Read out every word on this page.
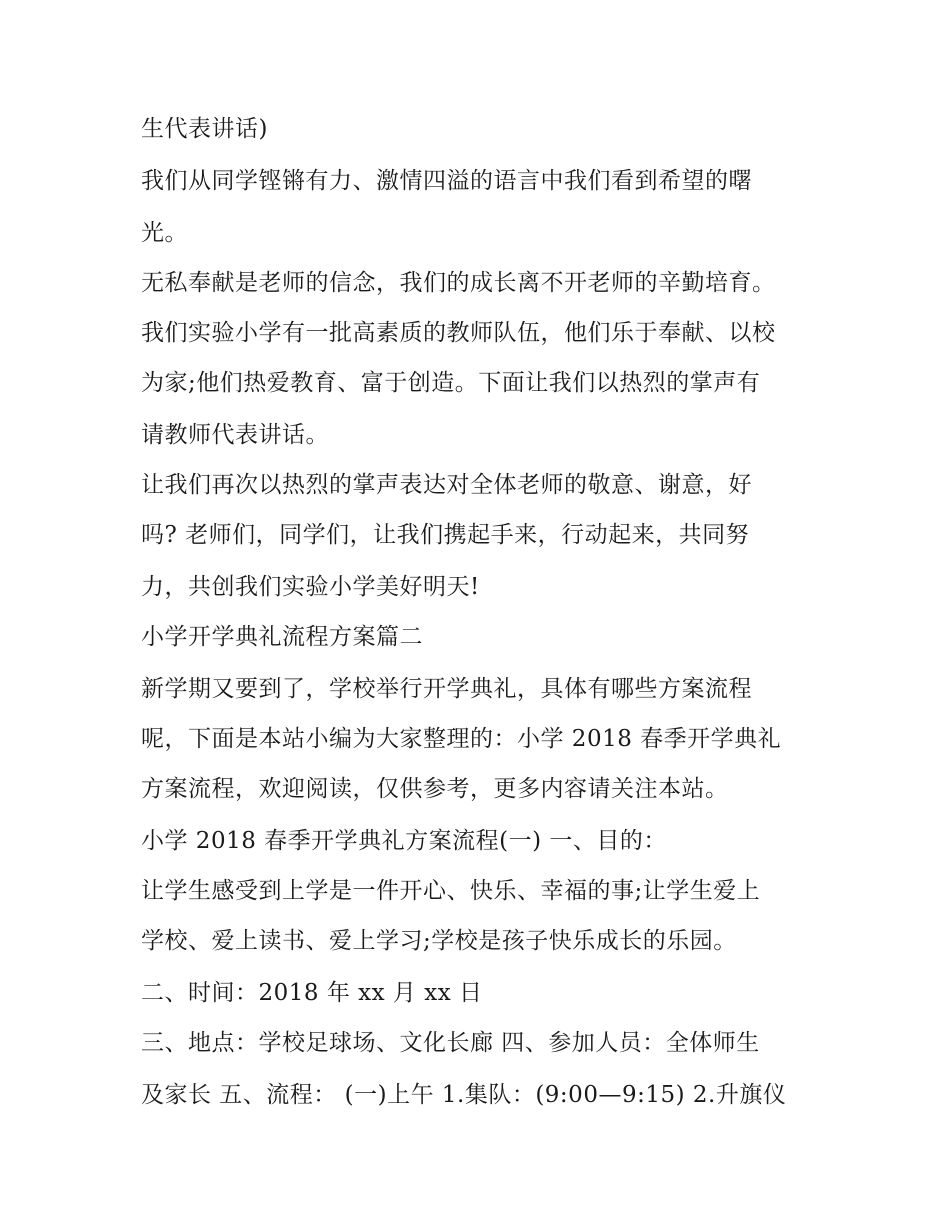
生代表讲话)
我们从同学铿锵有力、激情四溢的语言中我们看到希望的曙
光。
无私奉献是老师的信念，我们的成长离不开老师的辛勤培育。
我们实验小学有一批高素质的教师队伍，他们乐于奉献、以校
为家;他们热爱教育、富于创造。下面让我们以热烈的掌声有
请教师代表讲话。
让我们再次以热烈的掌声表达对全体老师的敬意、谢意，好
吗? 老师们，同学们，让我们携起手来，行动起来，共同努
力，共创我们实验小学美好明天!
小学开学典礼流程方案篇二
新学期又要到了，学校举行开学典礼，具体有哪些方案流程
呢，下面是本站小编为大家整理的：小学 2018 春季开学典礼
方案流程，欢迎阅读，仅供参考，更多内容请关注本站。
小学 2018 春季开学典礼方案流程(一) 一、目的：
让学生感受到上学是一件开心、快乐、幸福的事;让学生爱上
学校、爱上读书、爱上学习;学校是孩子快乐成长的乐园。
二、时间：2018 年 xx 月 xx 日
三、地点：学校足球场、文化长廊 四、参加人员：全体师生
及家长 五、流程： (一)上午 1.集队：(9:00—9:15) 2.升旗仪
